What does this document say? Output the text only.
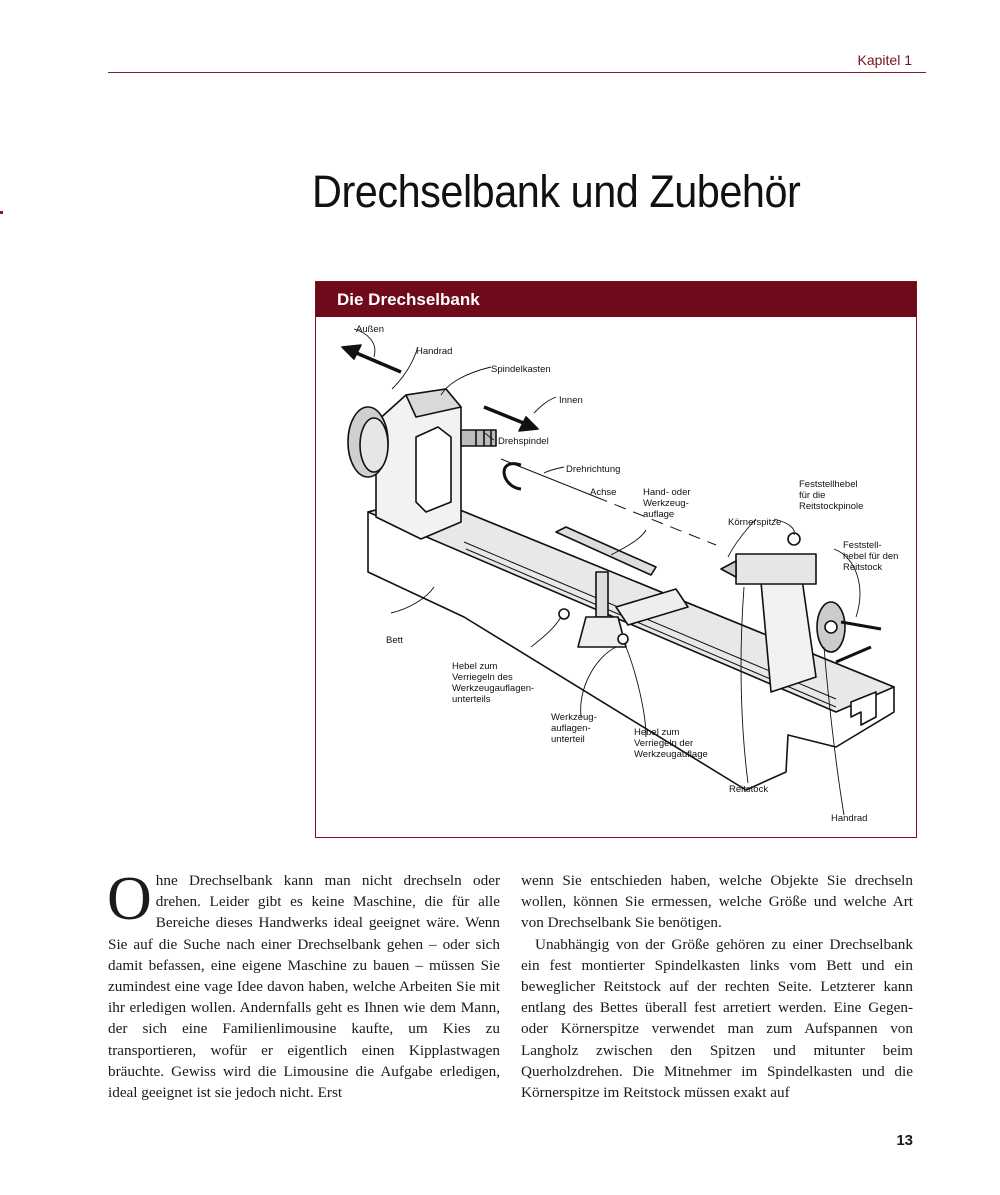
Kapitel 1
Drechselbank und Zubehör
Die Drechselbank
Außen
Handrad
Spindelkasten
Innen
Drehspindel
Drehrichtung
Achse	Hand- oder
Werkzeug-
auflage
Körnerspitze
Feststellhebel
für die
Reitstockpinole
Feststell-
hebel für den
Reitstock
Bett
Hebel zum
Verriegeln des
Werkzeugauflagen-
unterteils
Werkzeug-
auflagen-
unterteil
Hebel zum
Verriegeln der
Werkzeugauflage
Reitstock
Handrad

Ohne Drechselbank kann man nicht drechseln oder drehen. Leider gibt es keine Maschine, die für alle Bereiche dieses Handwerks ideal geeignet wäre. Wenn Sie auf die Suche nach einer Drechselbank gehen – oder sich damit befassen, eine eigene Maschine zu bauen – müssen Sie zumindest eine vage Idee davon haben, welche Arbeiten Sie mit ihr erledigen wollen. Andernfalls geht es Ihnen wie dem Mann, der sich eine Familienlimousine kaufte, um Kies zu transportieren, wofür er eigentlich einen Kipplastwagen bräuchte. Gewiss wird die Limousine die Aufgabe erledigen, ideal geeignet ist sie jedoch nicht. Erst

wenn Sie entschieden haben, welche Objekte Sie drechseln wollen, können Sie ermessen, welche Größe und welche Art von Drechselbank Sie benötigen.
Unabhängig von der Größe gehören zu einer Drechselbank ein fest montierter Spindelkasten links vom Bett und ein beweglicher Reitstock auf der rechten Seite. Letzterer kann entlang des Bettes überall fest arretiert werden. Eine Gegen- oder Körnerspitze verwendet man zum Aufspannen von Langholz zwischen den Spitzen und mitunter beim Querholzdrehen. Die Mitnehmer im Spindelkasten und die Körnerspitze im Reitstock müssen exakt auf
13
